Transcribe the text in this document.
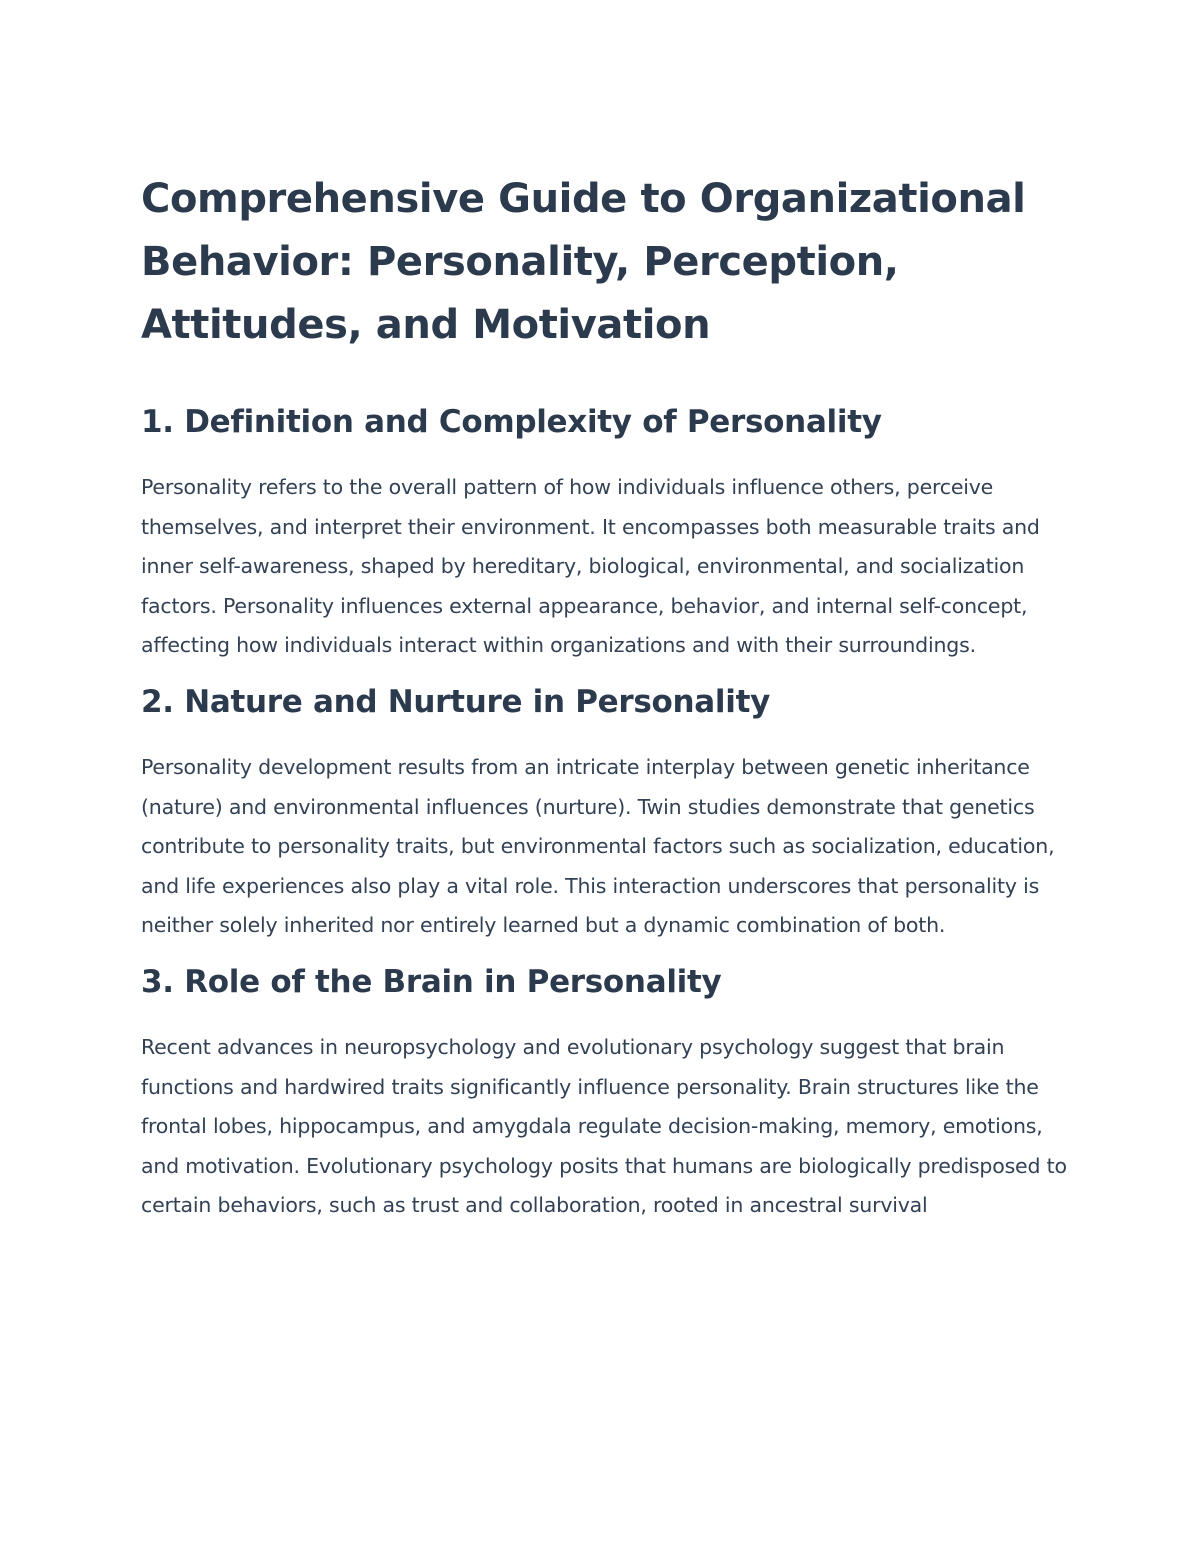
Comprehensive Guide to Organizational Behavior: Personality, Perception, Attitudes, and Motivation
1. Definition and Complexity of Personality

Personality refers to the overall pattern of how individuals influence others, perceive themselves, and interpret their environment. It encompasses both measurable traits and inner self-awareness, shaped by hereditary, biological, environmental, and socialization factors. Personality influences external appearance, behavior, and internal self-concept, affecting how individuals interact within organizations and with their surroundings.

2. Nature and Nurture in Personality

Personality development results from an intricate interplay between genetic inheritance (nature) and environmental influences (nurture). Twin studies demonstrate that genetics contribute to personality traits, but environmental factors such as socialization, education, and life experiences also play a vital role. This interaction underscores that personality is neither solely inherited nor entirely learned but a dynamic combination of both.

3. Role of the Brain in Personality

Recent advances in neuropsychology and evolutionary psychology suggest that brain functions and hardwired traits significantly influence personality. Brain structures like the frontal lobes, hippocampus, and amygdala regulate decision-making, memory, emotions, and motivation. Evolutionary psychology posits that humans are biologically predisposed to certain behaviors, such as trust and collaboration, rooted in ancestral survival
